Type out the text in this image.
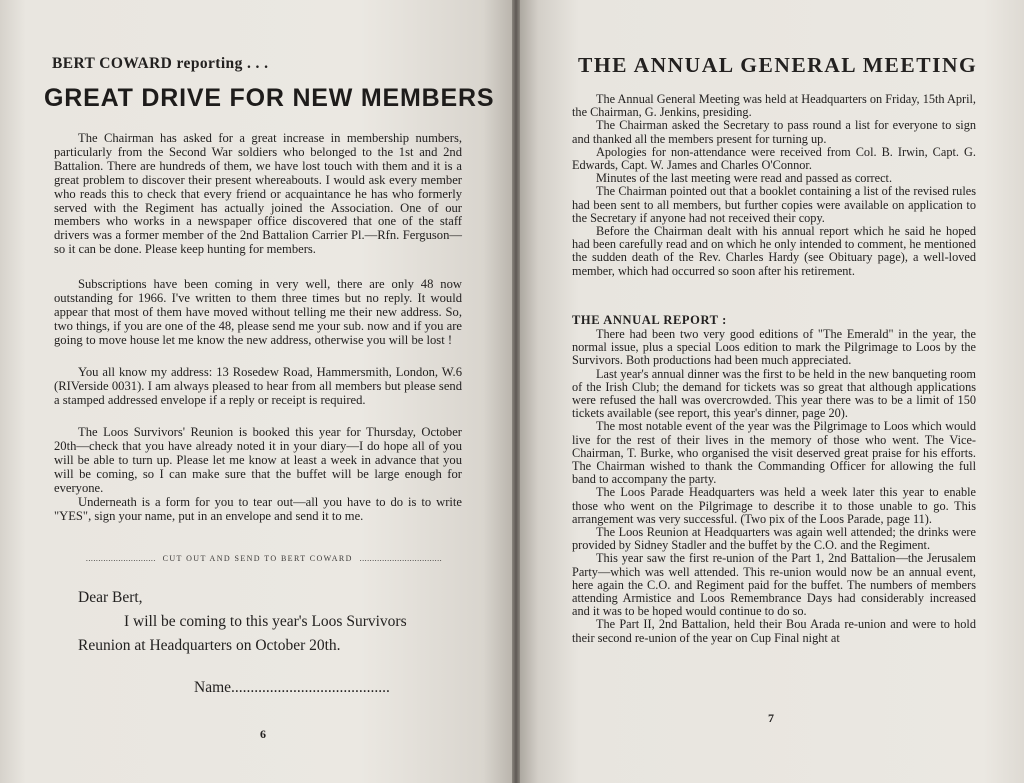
BERT COWARD reporting . . .
GREAT DRIVE FOR NEW MEMBERS

The Chairman has asked for a great increase in membership numbers, particularly from the Second War soldiers who belonged to the 1st and 2nd Battalion. There are hundreds of them, we have lost touch with them and it is a great problem to discover their present whereabouts. I would ask every member who reads this to check that every friend or acquaintance he has who formerly served with the Regiment has actually joined the Association. One of our members who works in a newspaper office discovered that one of the staff drivers was a former member of the 2nd Battalion Carrier Pl.—Rfn. Ferguson—so it can be done. Please keep hunting for members.

Subscriptions have been coming in very well, there are only 48 now outstanding for 1966. I've written to them three times but no reply. It would appear that most of them have moved without telling me their new address. So, two things, if you are one of the 48, please send me your sub. now and if you are going to move house let me know the new address, otherwise you will be lost !

You all know my address: 13 Rosedew Road, Hammersmith, London, W.6 (RIVerside 0031). I am always pleased to hear from all members but please send a stamped addressed envelope if a reply or receipt is required.

The Loos Survivors' Reunion is booked this year for Thursday, October 20th—check that you have already noted it in your diary—I do hope all of you will be able to turn up. Please let me know at least a week in advance that you will be coming, so I can make sure that the buffet will be large enough for everyone.

Underneath is a form for you to tear out—all you have to do is to write "YES", sign your name, put in an envelope and send it to me.

............................ CUT OUT AND SEND TO BERT COWARD .................................
Dear Bert,
I will be coming to this year's Loos Survivors
Reunion at Headquarters on October 20th.
Name.........................................
6
THE ANNUAL GENERAL MEETING

The Annual General Meeting was held at Headquarters on Friday, 15th April, the Chairman, G. Jenkins, presiding.

The Chairman asked the Secretary to pass round a list for everyone to sign and thanked all the members present for turning up.

Apologies for non-attendance were received from Col. B. Irwin, Capt. G. Edwards, Capt. W. James and Charles O'Connor.

Minutes of the last meeting were read and passed as correct.

The Chairman pointed out that a booklet containing a list of the revised rules had been sent to all members, but further copies were available on application to the Secretary if anyone had not received their copy.

Before the Chairman dealt with his annual report which he said he hoped had been carefully read and on which he only intended to comment, he mentioned the sudden death of the Rev. Charles Hardy (see Obituary page), a well-loved member, which had occurred so soon after his retirement.

THE ANNUAL REPORT :

There had been two very good editions of "The Emerald" in the year, the normal issue, plus a special Loos edition to mark the Pilgrimage to Loos by the Survivors. Both productions had been much appreciated.

Last year's annual dinner was the first to be held in the new banqueting room of the Irish Club; the demand for tickets was so great that although applications were refused the hall was overcrowded. This year there was to be a limit of 150 tickets available (see report, this year's dinner, page 20).

The most notable event of the year was the Pilgrimage to Loos which would live for the rest of their lives in the memory of those who went. The Vice-Chairman, T. Burke, who organised the visit deserved great praise for his efforts. The Chairman wished to thank the Commanding Officer for allowing the full band to accompany the party.

The Loos Parade Headquarters was held a week later this year to enable those who went on the Pilgrimage to describe it to those unable to go. This arrangement was very successful. (Two pix of the Loos Parade, page 11).

The Loos Reunion at Headquarters was again well attended; the drinks were provided by Sidney Stadler and the buffet by the C.O. and the Regiment.

This year saw the first re-union of the Part 1, 2nd Battalion—the Jerusalem Party—which was well attended. This re-union would now be an annual event, here again the C.O. and Regiment paid for the buffet. The numbers of members attending Armistice and Loos Remembrance Days had considerably increased and it was to be hoped would continue to do so.

The Part II, 2nd Battalion, held their Bou Arada re-union and were to hold their second re-union of the year on Cup Final night at

7
